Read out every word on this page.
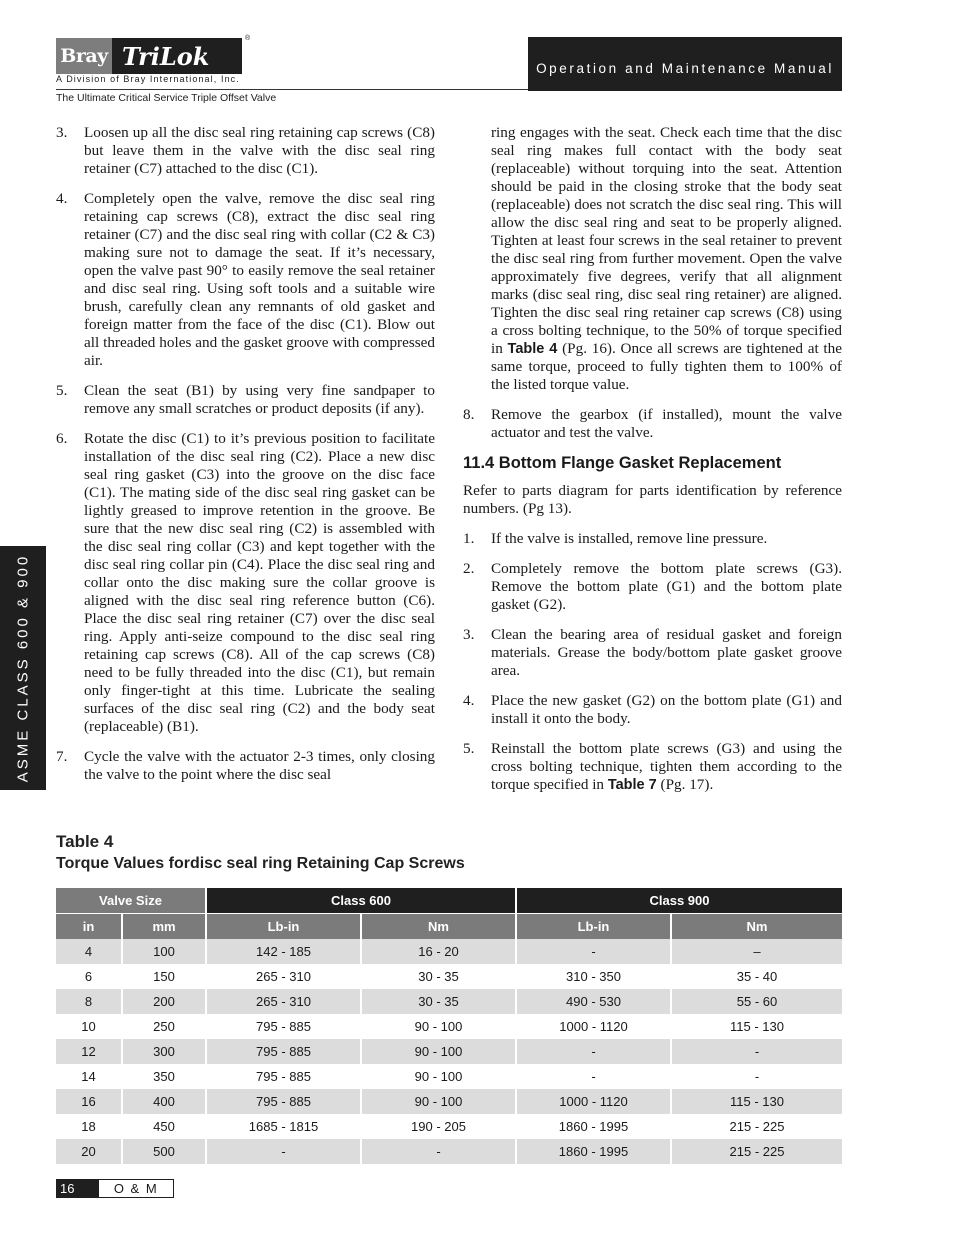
Bray TriLok
®
A Division of Bray International, Inc.
The Ultimate Critical Service Triple Offset Valve
Operation and Maintenance Manual
ASME CLASS 600 & 900
3.	Loosen up all the disc seal ring retaining cap screws (C8) but leave them in the valve with the disc seal ring retainer (C7) attached to the disc (C1).
4.	Completely open the valve, remove the disc seal ring retaining cap screws (C8), extract the disc seal ring retainer (C7) and the disc seal ring with collar (C2 & C3) making sure not to damage the seat. If it’s necessary, open the valve past 90° to easily remove the seal retainer and disc seal ring. Using soft tools and a suitable wire brush, carefully clean any remnants of old gasket and foreign matter from the face of the disc (C1). Blow out all threaded holes and the gasket groove with compressed air.
5.	Clean the seat (B1) by using very fine sandpaper to remove any small scratches or product deposits (if any).
6.	Rotate the disc (C1) to it’s previous position to facilitate installation of the disc seal ring (C2). Place a new disc seal ring gasket (C3) into the groove on the disc face (C1). The mating side of the disc seal ring gasket can be lightly greased to improve retention in the groove. Be sure that the new disc seal ring (C2) is assembled with the disc seal ring collar (C3) and kept together with the disc seal ring collar pin (C4). Place the disc seal ring and collar onto the disc making sure the collar groove is aligned with the disc seal ring reference button (C6). Place the disc seal ring retainer (C7) over the disc seal ring. Apply anti-seize compound to the disc seal ring retaining cap screws (C8). All of the cap screws (C8) need to be fully threaded into the disc (C1), but remain only finger-tight at this time. Lubricate the sealing surfaces of the disc seal ring (C2) and the body seat (replaceable) (B1).
7.	Cycle the valve with the actuator 2-3 times, only closing the valve to the point where the disc seal
ring engages with the seat. Check each time that the disc seal ring makes full contact with the body seat (replaceable) without torquing into the seat. Attention should be paid in the closing stroke that the body seat (replaceable) does not scratch the disc seal ring. This will allow the disc seal ring and seat to be properly aligned. Tighten at least four screws in the seal retainer to prevent the disc seal ring from further movement. Open the valve approximately five degrees, verify that all alignment marks (disc seal ring, disc seal ring retainer) are aligned. Tighten the disc seal ring retainer cap screws (C8) using a cross bolting technique, to the 50% of torque specified in Table 4 (Pg. 16). Once all screws are tightened at the same torque, proceed to fully tighten them to 100% of the listed torque value.
8.	Remove the gearbox (if installed), mount the valve actuator and test the valve.
11.4 Bottom Flange Gasket Replacement
Refer to parts diagram for parts identification by reference numbers. (Pg 13).
1.	If the valve is installed, remove line pressure.
2.	Completely remove the bottom plate screws (G3). Remove the bottom plate (G1) and the bottom plate gasket (G2).
3.	Clean the bearing area of residual gasket and foreign materials. Grease the body/bottom plate gasket groove area.
4.	Place the new gasket (G2) on the bottom plate (G1) and install it onto the body.
5.	Reinstall the bottom plate screws (G3) and using the cross bolting technique, tighten them according to the torque specified in Table 7 (Pg. 17).
Table 4
Torque Values fordisc seal ring Retaining Cap Screws
Valve Size		Class 600		Class 900	
in	mm	Lb-in	Nm	Lb-in	Nm
4	100	142 - 185	16 - 20	-	–
6	150	265 - 310	30 - 35	310 - 350	35 - 40
8	200	265 - 310	30 - 35	490 - 530	55 - 60
10	250	795 - 885	90 - 100	1000 - 1120	115 - 130
12	300	795 - 885	90 - 100	-	-
14	350	795 - 885	90 - 100	-	-
16	400	795 - 885	90 - 100	1000 - 1120	115 - 130
18	450	1685 - 1815	190 - 205	1860 - 1995	215 - 225
20	500	-	-	1860 - 1995	215 - 225
16	O & M
